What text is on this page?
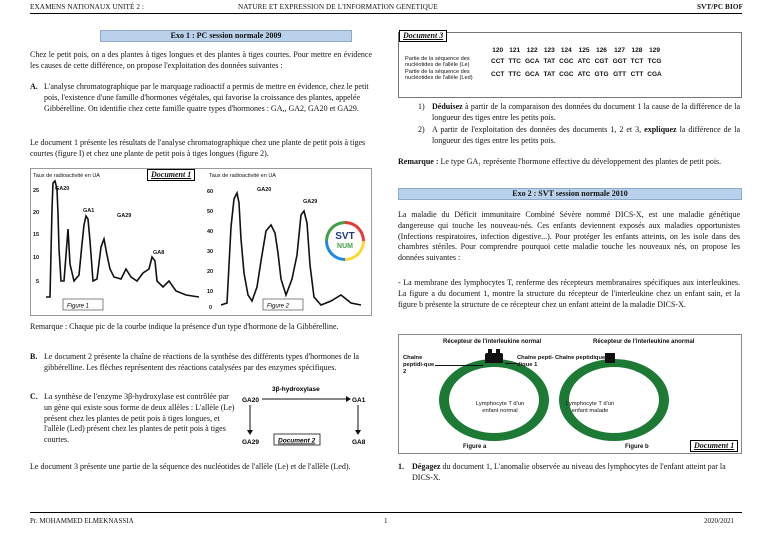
EXAMENS NATIONAUX UNITÉ 2 :	NATURE ET EXPRESSION DE L'INFORMATION GENETIQUE	SVT/PC BIOF
Exo 1 : PC session normale 2009

Chez le petit pois, on a des plantes à tiges longues et des plantes à tiges courtes. Pour mettre en évidence les causes de cette différence, on propose l'exploitation des données suivantes :

A. L'analyse chromatographique par le marquage radioactif a permis de mettre en évidence, chez le petit pois, l'existence d'une famille d'hormones végétales, qui favorise la croissance des plantes, appelée Gibbérelline. On identifie chez cette famille quatre types d'hormones : GA,, GA2, GA20 et GA29.

Le document 1 présente les résultats de l'analyse chromatographique chez une plante de petit pois à tiges courtes (figure I) et chez une plante de petit pois à tiges longues (figure 2).

Document 1
Taux de radioactivité en UA
25
20
15
10
5
GA20
GA1
GA29
GA8
Taux de radioactivité en UA
60
50
40
30
20
10
0
GA20
GA29
Figure 1	Figure 2
SVT
NUM

Remarque : Chaque pic de la courbe indique la présence d'un type d'hormone de la Gibbérelline.

B. Le document 2 présente la chaîne de réactions de la synthèse des différents types d'hormones de la gibbérelline. Les flèches représentent des réactions catalysées par des enzymes spécifiques.

C. La synthèse de l'enzyme 3β-hydroxylase est contrôlée par un gène qui existe sous forme de deux allèles : L'allèle (Le) présent chez les plantes de petit pois à tiges longues, et l'allèle (Led) présent chez les plantes de petit pois à tiges courtes.

3β-hydroxylase
GA20	GA1
GA29	GA8
Document 2

Le document 3 présente une partie de la séquence des nucléotides de l'allèle (Le) et de l'allèle (Led).

Document 3
	120	121	122	123	124	125	126	127	128	129
Partie de la séquence des nucléotides de l'allèle (Le)	CCT	TTC	GCA	TAT	CGC	ATC	CGT	GGT	TCT	TCG
Partie de la séquence des nucléotides de l'allèle (Led)	CCT	TTC	GCA	TAT	CGC	ATC	GTG	GTT	CTT	CGA
1) Déduisez à partir de la comparaison des données du document 1 la cause de la différence de la longueur des tiges entre les petits pois.

2) A partir de l'exploitation des données des documents 1, 2 et 3, expliquez la différence de la longueur des tiges entre les petits pois.

Remarque : Le type GA₁ représente l'hormone effective du développement des plantes de petit pois.

Exo 2 : SVT session normale 2010

La maladie du Déficit immunitaire Combiné Sévère nommé DICS-X, est une maladie génétique dangereuse qui touche les nouveau-nés. Ces enfants deviennent exposés aux maladies opportunistes (Infections respiratoires, infection digestive...). Pour protéger les enfants atteints, on les isole dans des chambres stériles. Pour comprendre pourquoi cette maladie touche les nouveaux nés, on propose les données suivantes :

- La membrane des lymphocytes T, renferme des récepteurs membranaires spécifiques aux interleukines. La figure a du document 1, montre la structure du récepteur de l'interleukine chez un enfant sain, et la figure b présente la structure de ce récepteur chez un enfant atteint de la maladie DICS-X.

Récepteur de l'interleukine normal	Récepteur de l'interleukine anormal
Chaîne peptidi-que 2
Chaîne pepti-dique 1
Lymphocyte T d'un enfant normal
Figure a
Chaîne peptidique 2
Lymphocyte T d'un enfant malade
Figure b	Document 1
1. Dégagez du document 1, L'anomalie observée au niveau des lymphocytes de l'enfant atteint par la DICS-X.

Pr. MOHAMMED ELMEKNASSIA	1	2020/2021
